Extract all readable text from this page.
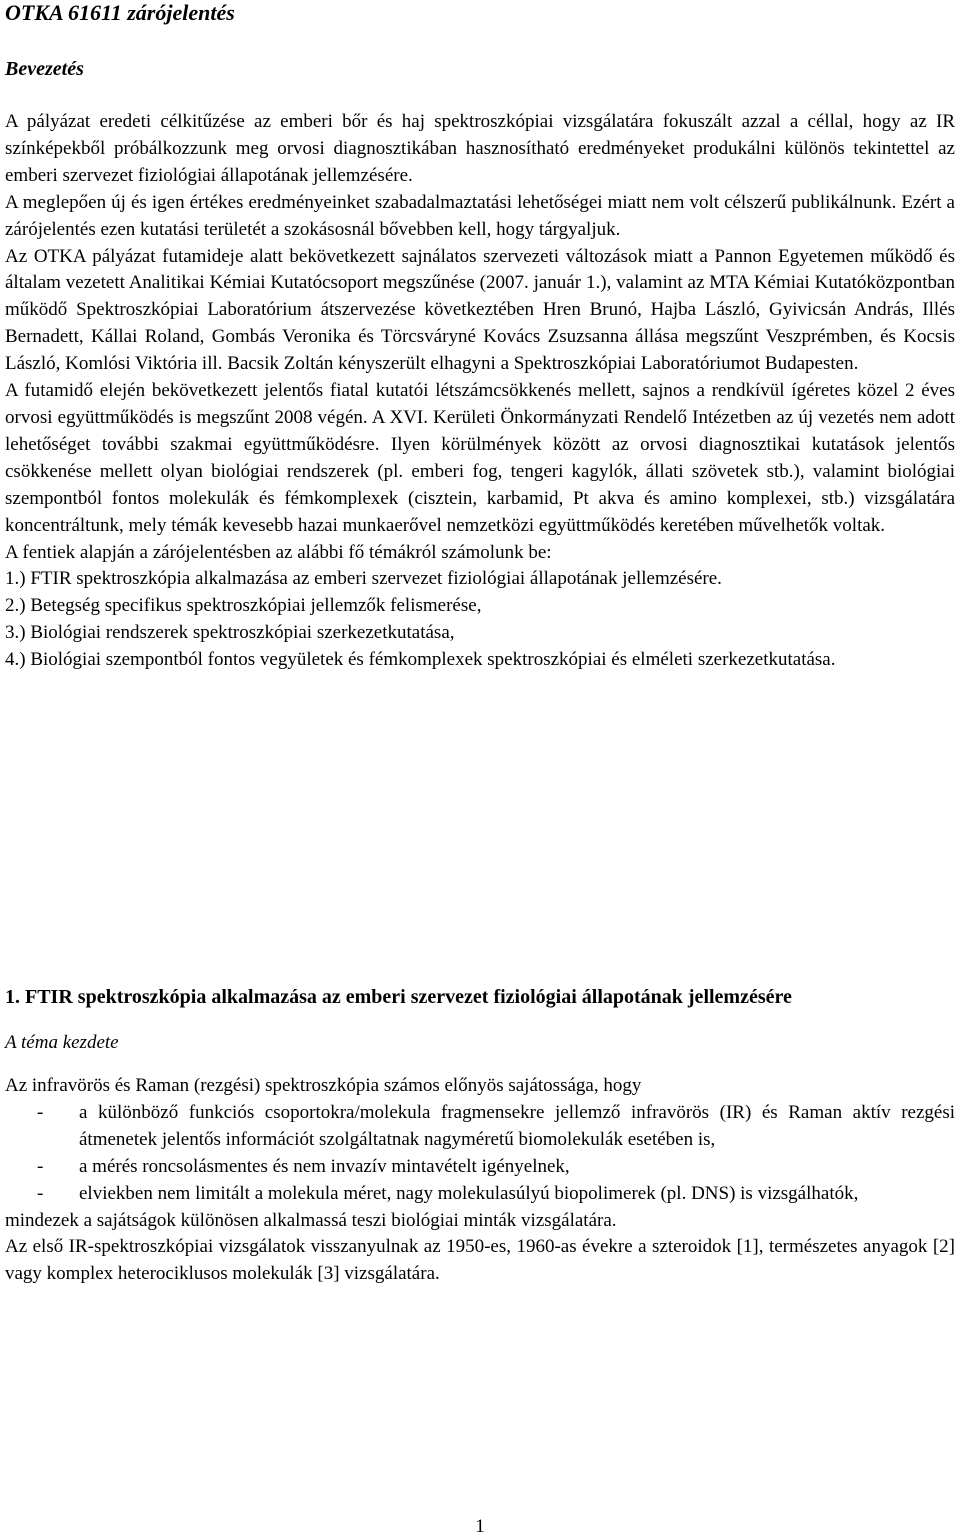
OTKA 61611 zárójelentés
Bevezetés

A pályázat eredeti célkitűzése az emberi bőr és haj spektroszkópiai vizsgálatára fokuszált azzal a céllal, hogy az IR színképekből próbálkozzunk meg orvosi diagnosztikában hasznosítható eredményeket produkálni különös tekintettel az emberi szervezet fiziológiai állapotának jellemzésére.

A meglepően új és igen értékes eredményeinket szabadalmaztatási lehetőségei miatt nem volt célszerű publikálnunk. Ezért a zárójelentés ezen kutatási területét a szokásosnál bővebben kell, hogy tárgyaljuk.

Az OTKA pályázat futamideje alatt bekövetkezett sajnálatos szervezeti változások miatt a Pannon Egyetemen működő és általam vezetett Analitikai Kémiai Kutatócsoport megszűnése (2007. január 1.), valamint az MTA Kémiai Kutatóközpontban működő Spektroszkópiai Laboratórium átszervezése következtében Hren Brunó, Hajba László, Gyivicsán András, Illés Bernadett, Kállai Roland, Gombás Veronika és Törcsváryné Kovács Zsuzsanna állása megszűnt Veszprémben, és Kocsis László, Komlósi Viktória ill. Bacsik Zoltán kényszerült elhagyni a Spektroszkópiai Laboratóriumot Budapesten.

A futamidő elején bekövetkezett jelentős fiatal kutatói létszámcsökkenés mellett, sajnos a rendkívül ígéretes közel 2 éves orvosi együttműködés is megszűnt 2008 végén. A XVI. Kerületi Önkormányzati Rendelő Intézetben az új vezetés nem adott lehetőséget további szakmai együttműködésre. Ilyen körülmények között az orvosi diagnosztikai kutatások jelentős csökkenése mellett olyan biológiai rendszerek (pl. emberi fog, tengeri kagylók, állati szövetek stb.), valamint biológiai szempontból fontos molekulák és fémkomplexek (cisztein, karbamid, Pt akva és amino komplexei, stb.) vizsgálatára koncentráltunk, mely témák kevesebb hazai munkaerővel nemzetközi együttműködés keretében művelhetők voltak.

A fentiek alapján a zárójelentésben az alábbi fő témákról számolunk be:

1.) FTIR spektroszkópia alkalmazása az emberi szervezet fiziológiai állapotának jellemzésére.

2.) Betegség specifikus spektroszkópiai jellemzők felismerése,

3.) Biológiai rendszerek spektroszkópiai szerkezetkutatása,

4.) Biológiai szempontból fontos vegyületek és fémkomplexek spektroszkópiai és elméleti szerkezetkutatása.

1. FTIR spektroszkópia alkalmazása az emberi szervezet fiziológiai állapotának jellemzésére

A téma kezdete

Az infravörös és Raman (rezgési) spektroszkópia számos előnyös sajátossága, hogy

- a különböző funkciós csoportokra/molekula fragmensekre jellemző infravörös (IR) és Raman aktív rezgési átmenetek jelentős információt szolgáltatnak nagyméretű biomolekulák esetében is,
- a mérés roncsolásmentes és nem invazív mintavételt igényelnek,
- elviekben nem limitált a molekula méret, nagy molekulasúlyú biopolimerek (pl. DNS) is vizsgálhatók,

mindezek a sajátságok különösen alkalmassá teszi biológiai minták vizsgálatára.

Az első IR-spektroszkópiai vizsgálatok visszanyulnak az 1950-es, 1960-as évekre a szteroidok [1], természetes anyagok [2] vagy komplex heterociklusos molekulák [3] vizsgálatára.

1
